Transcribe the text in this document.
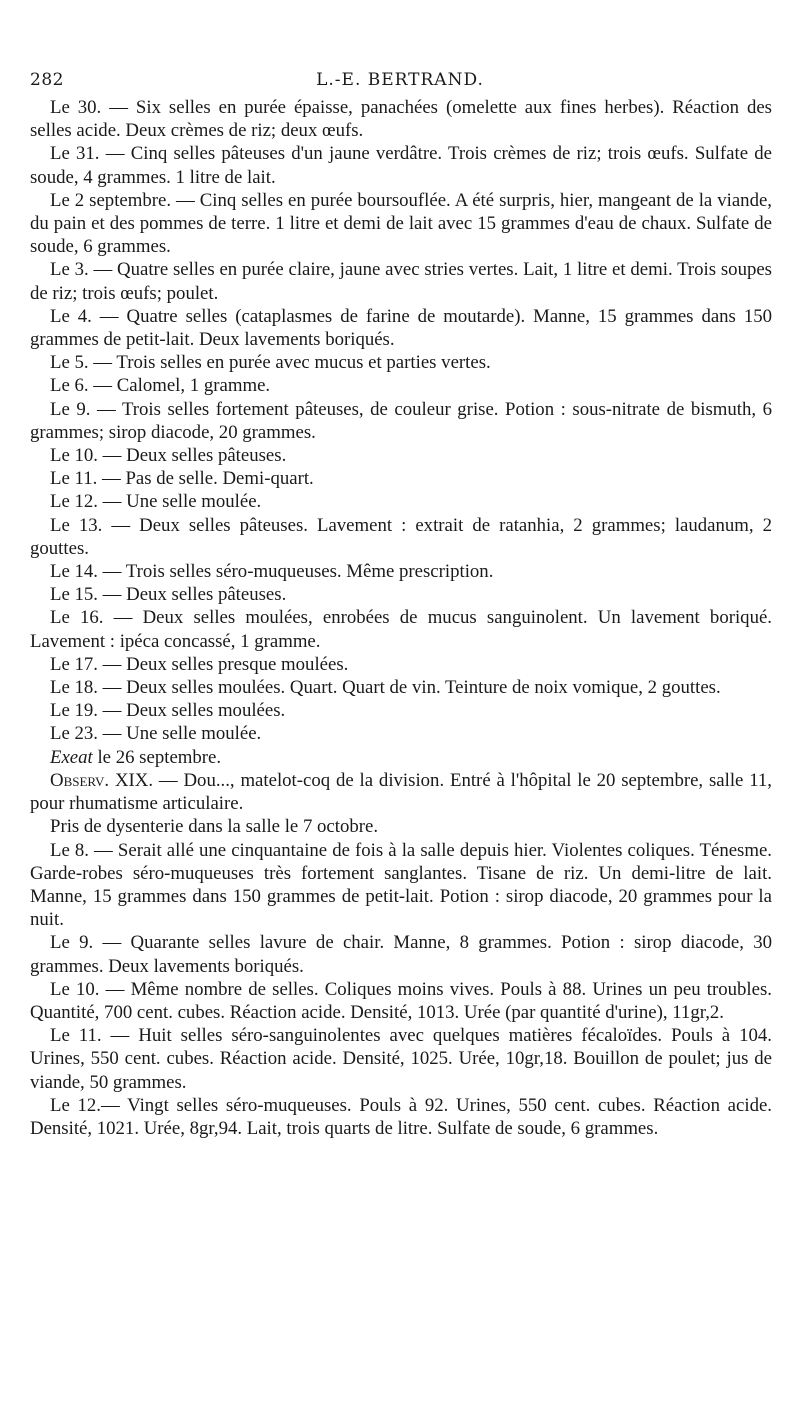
282	L.-E. BERTRAND.

Le 30. — Six selles en purée épaisse, panachées (omelette aux fines herbes). Réaction des selles acide. Deux crèmes de riz; deux œufs.

Le 31. — Cinq selles pâteuses d'un jaune verdâtre. Trois crèmes de riz; trois œufs. Sulfate de soude, 4 grammes. 1 litre de lait.

Le 2 septembre. — Cinq selles en purée boursouflée. A été surpris, hier, mangeant de la viande, du pain et des pommes de terre. 1 litre et demi de lait avec 15 grammes d'eau de chaux. Sulfate de soude, 6 grammes.

Le 3. — Quatre selles en purée claire, jaune avec stries vertes. Lait, 1 litre et demi. Trois soupes de riz; trois œufs; poulet.

Le 4. — Quatre selles (cataplasmes de farine de moutarde). Manne, 15 grammes dans 150 grammes de petit-lait. Deux lavements boriqués.

Le 5. — Trois selles en purée avec mucus et parties vertes.

Le 6. — Calomel, 1 gramme.

Le 9. — Trois selles fortement pâteuses, de couleur grise. Potion : sous-nitrate de bismuth, 6 grammes; sirop diacode, 20 grammes.

Le 10. — Deux selles pâteuses.

Le 11. — Pas de selle. Demi-quart.

Le 12. — Une selle moulée.

Le 13. — Deux selles pâteuses. Lavement : extrait de ratanhia, 2 grammes; laudanum, 2 gouttes.

Le 14. — Trois selles séro-muqueuses. Même prescription.

Le 15. — Deux selles pâteuses.

Le 16. — Deux selles moulées, enrobées de mucus sanguinolent. Un lavement boriqué. Lavement : ipéca concassé, 1 gramme.

Le 17. — Deux selles presque moulées.

Le 18. — Deux selles moulées. Quart. Quart de vin. Teinture de noix vomique, 2 gouttes.

Le 19. — Deux selles moulées.

Le 23. — Une selle moulée.

Exeat le 26 septembre.

Observ. XIX. — Dou..., matelot-coq de la division. Entré à l'hôpital le 20 septembre, salle 11, pour rhumatisme articulaire.

Pris de dysenterie dans la salle le 7 octobre.

Le 8. — Serait allé une cinquantaine de fois à la salle depuis hier. Violentes coliques. Ténesme. Garde-robes séro-muqueuses très fortement sanglantes. Tisane de riz. Un demi-litre de lait. Manne, 15 grammes dans 150 grammes de petit-lait. Potion : sirop diacode, 20 grammes pour la nuit.

Le 9. — Quarante selles lavure de chair. Manne, 8 grammes. Potion : sirop diacode, 30 grammes. Deux lavements boriqués.

Le 10. — Même nombre de selles. Coliques moins vives. Pouls à 88. Urines un peu troubles. Quantité, 700 cent. cubes. Réaction acide. Densité, 1013. Urée (par quantité d'urine), 11gr,2.

Le 11. — Huit selles séro-sanguinolentes avec quelques matières fécaloïdes. Pouls à 104. Urines, 550 cent. cubes. Réaction acide. Densité, 1025. Urée, 10gr,18. Bouillon de poulet; jus de viande, 50 grammes.

Le 12.— Vingt selles séro-muqueuses. Pouls à 92. Urines, 550 cent. cubes. Réaction acide. Densité, 1021. Urée, 8gr,94. Lait, trois quarts de litre. Sulfate de soude, 6 grammes.
